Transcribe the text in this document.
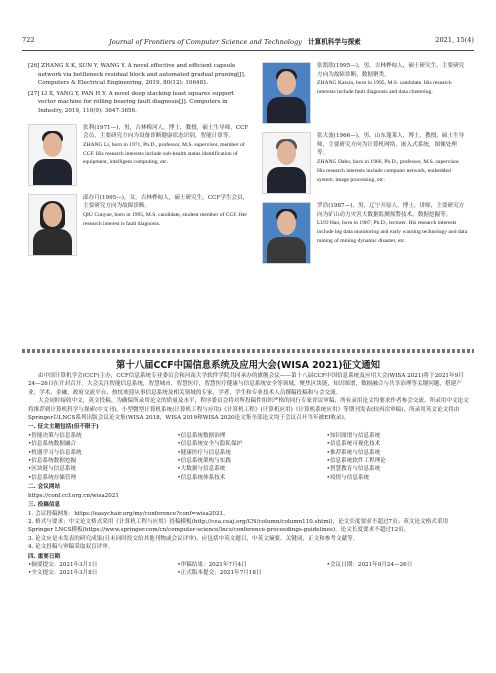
722	Journal of Frontiers of Computer Science and Technology 计算机科学与探索	2021, 15(4)

[26] ZHANG X K, SUN Y, WANG Y. A novel effective and efficient capsule network via bottleneck residual block and automated gradual pruning[J]. Computers & Electrical Engineering, 2019, 80(12): 106481.

[27] LI X, YANG Y, PAN H Y. A novel deep stacking least squares support vector machine for rolling bearing fault diagnosis[J]. Computers in Industry, 2019, 110(9): 3647-3656.

张利(1971—)，男，吉林梅河人，博士，教授，硕士生导师，CCF会员，主要研究方向为设备诊断健康状态识别，智能计算等。
ZHANG Li, born in 1971, Ph.D., professor, M.S. supervisor, member of CCF. His research interests include sub-health status identification of equipment, intelligent computing, etc.
邱存月(1995—)，女，吉林桦甸人，硕士研究生，CCF学生会员，主要研究方向为故障诊断。
QIU Cunyue, born in 1995, M.S. candidate, student member of CCF. Her research interest is fault diagnosis.
张凯欣(1995—)，男，吉林桦甸人，硕士研究生，主要研究方向为故障诊断，数据聚类。
ZHANG Kaixin, born in 1995, M.S. candidate. His research interests include fault diagnosis and data clustering.
张大波(1966—)，男，山东蓬莱人，博士，教授，硕士生导师，主要研究方向为计算机网络，嵌入式系统，图像处理等。
ZHANG Dabo, born in 1966, Ph.D., professor, M.S. supervisor. His research interests include computer network, embedded system, image processing, etc.
罗浩(1987—)，男，辽宁开原人，博士，讲师，主要研究方向为矿山动力灾害大数据监测预警技术，数据挖掘等。
LUO Hao, born in 1987, Ph.D., lecturer. His research interests include big data monitoring and early warning technology and data mining of mining dynamic disaster, etc.
第十八届CCF中国信息系统及应用大会(WISA 2021)征文通知

由中国计算机学会(CCF)主办，CCF信息系统专业委员会和河南大学软件学院共同承办的旗舰会议——第十八届CCF中国信息系统及应用大会(WISA 2021)将于2021年9月24—26日在开封召开。大会关注智能信息系统，智慧城市，智慧医疗，智慧医疗健康与信息系统安全等领域，聚焦区块链，知识图谱，数据融合与共享治理等关键问题，搭建产业，学术，金融，政府交流平台，热忱欢迎从事信息系统及相关领域的专家，学者，学生和专业技术人员撰稿投稿和与会交流。

大会同时接收中文，英文投稿。为确保所录用论文的质量及水平，程序委员会将对所投稿件组织严格的同行专家评议审稿，所有录用论文均要求作者参会交流。所录用中文论文将推荐到计算机科学与探索(中文刊)，小型微型计算机系统(计算机工程与应用)《计算机工程》(计算机应用)《计算机系统应用》等期刊发表(较再次审稿)，所录用英文论文将由Springer以LNCS系列出版会议论文集(WISA 2018，WISA 2019和WISA 2020论文集全部论文均于会议召开当年被EI收录)。

一. 征文主题包括(但不限于)
•智能决策与信息系统	•信息系统数据治理	•知识图谱与信息系统
•信息系统数据融合	•信息系统安全与隐私保护	•信息系统可视化技术
•机器学习与信息系统	•健康医疗与信息系统	•推荐系统与信息系统
•信息系统数据挖掘	•信息系统架构与实践	•信息系统软件工程理论
•区块链与信息系统	•大数据与信息系统	•智慧教育与信息系统
•信息系统存储管理	•信息系统体系技术	•疫情与信息系统
二. 会议网站
https://conf.ccf.org.cn/wisa2021
三. 投稿信息
1. 会议投稿网址：https://easychair.org/my/conference?conf=wisa2021。
2. 格式与要求：中文论文格式采用《计算机工程与应用》投稿模板(http://cea.ceaj.org/CN/column/column110.shtml)，论文长度要求不超过7页；英文论文格式采用Springer LNCS模板(https://www.springer.com/cn/computer-science/lncs/conference-proceedings-guidelines)，论文长度要求不超过12页。
3. 论文应是未发表的研究成果(且未同时投交给其他刊物或会议评审)，应包括中英文题目，中英文摘要，关键词，正文和参考文献等。
4. 论文投稿与审稿采取双盲评审。
四. 重要日期
•摘要提交：2021年3月1日	•审稿结果：2021年7月4日	•会议日期：2021年9月24—26日
•全文提交：2021年3月8日	•正式版本提交：2021年7月18日
